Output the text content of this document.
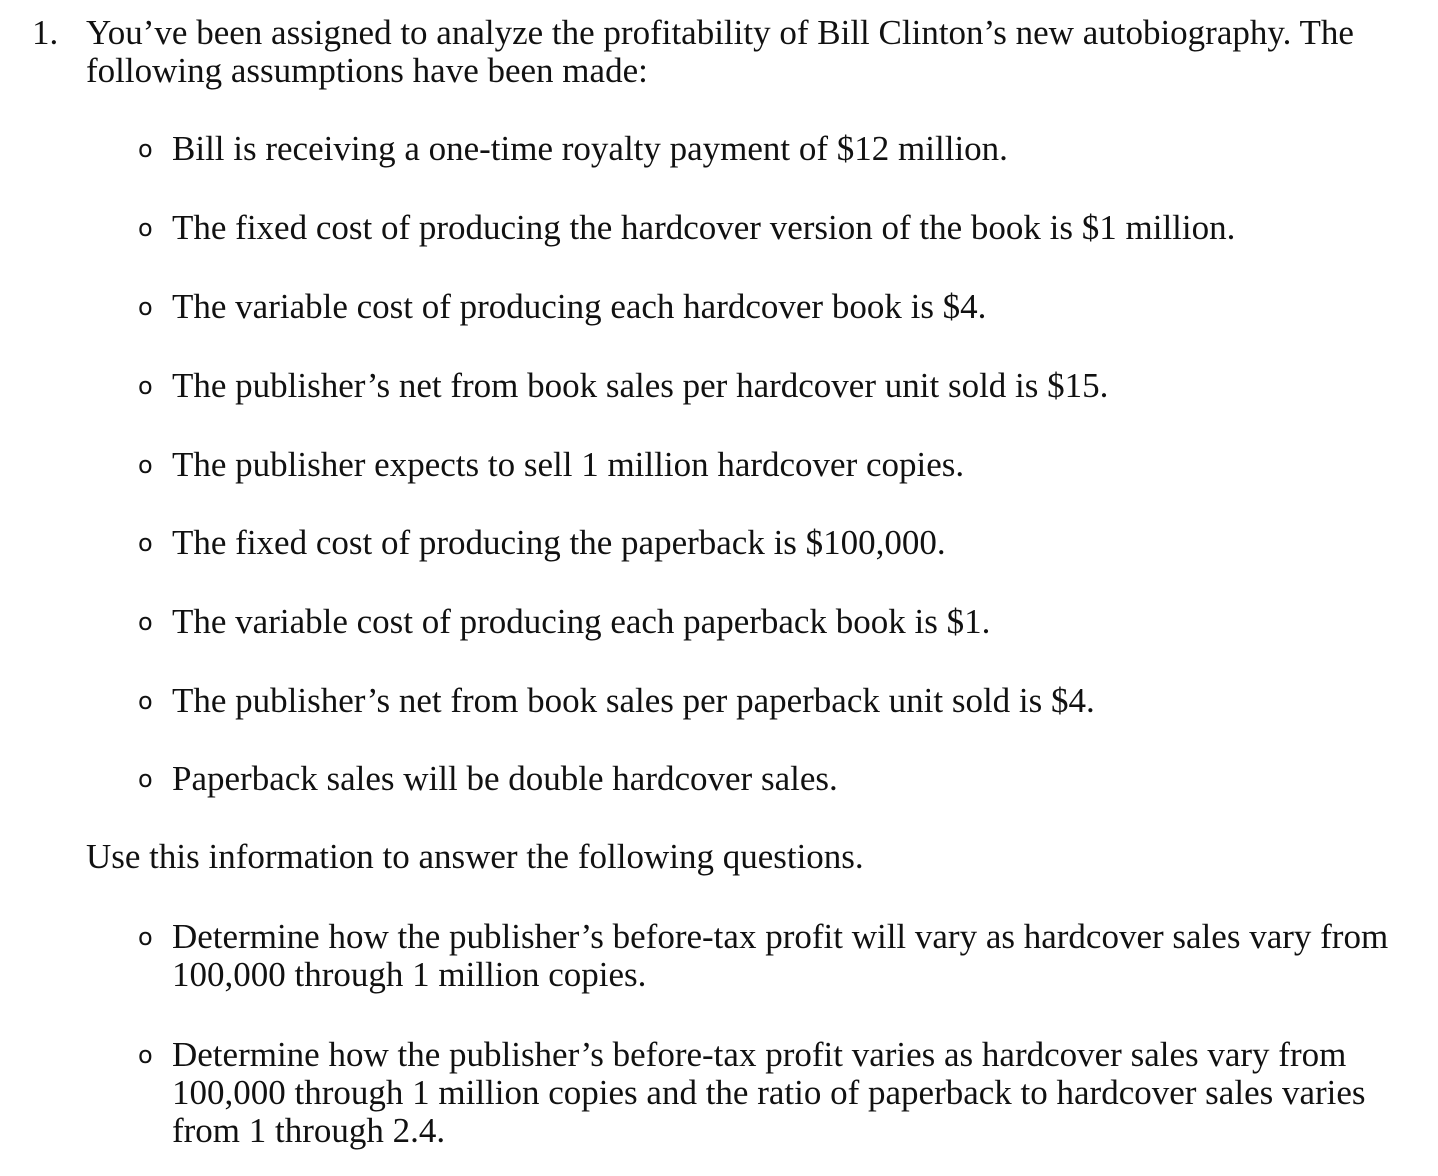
1. You’ve been assigned to analyze the profitability of Bill Clinton’s new autobiography. The following assumptions have been made:
o Bill is receiving a one-time royalty payment of $12 million.
o The fixed cost of producing the hardcover version of the book is $1 million.
o The variable cost of producing each hardcover book is $4.
o The publisher’s net from book sales per hardcover unit sold is $15.
o The publisher expects to sell 1 million hardcover copies.
o The fixed cost of producing the paperback is $100,000.
o The variable cost of producing each paperback book is $1.
o The publisher’s net from book sales per paperback unit sold is $4.
o Paperback sales will be double hardcover sales.
Use this information to answer the following questions.
o Determine how the publisher’s before-tax profit will vary as hardcover sales vary from 100,000 through 1 million copies.
o Determine how the publisher’s before-tax profit varies as hardcover sales vary from 100,000 through 1 million copies and the ratio of paperback to hardcover sales varies from 1 through 2.4.
